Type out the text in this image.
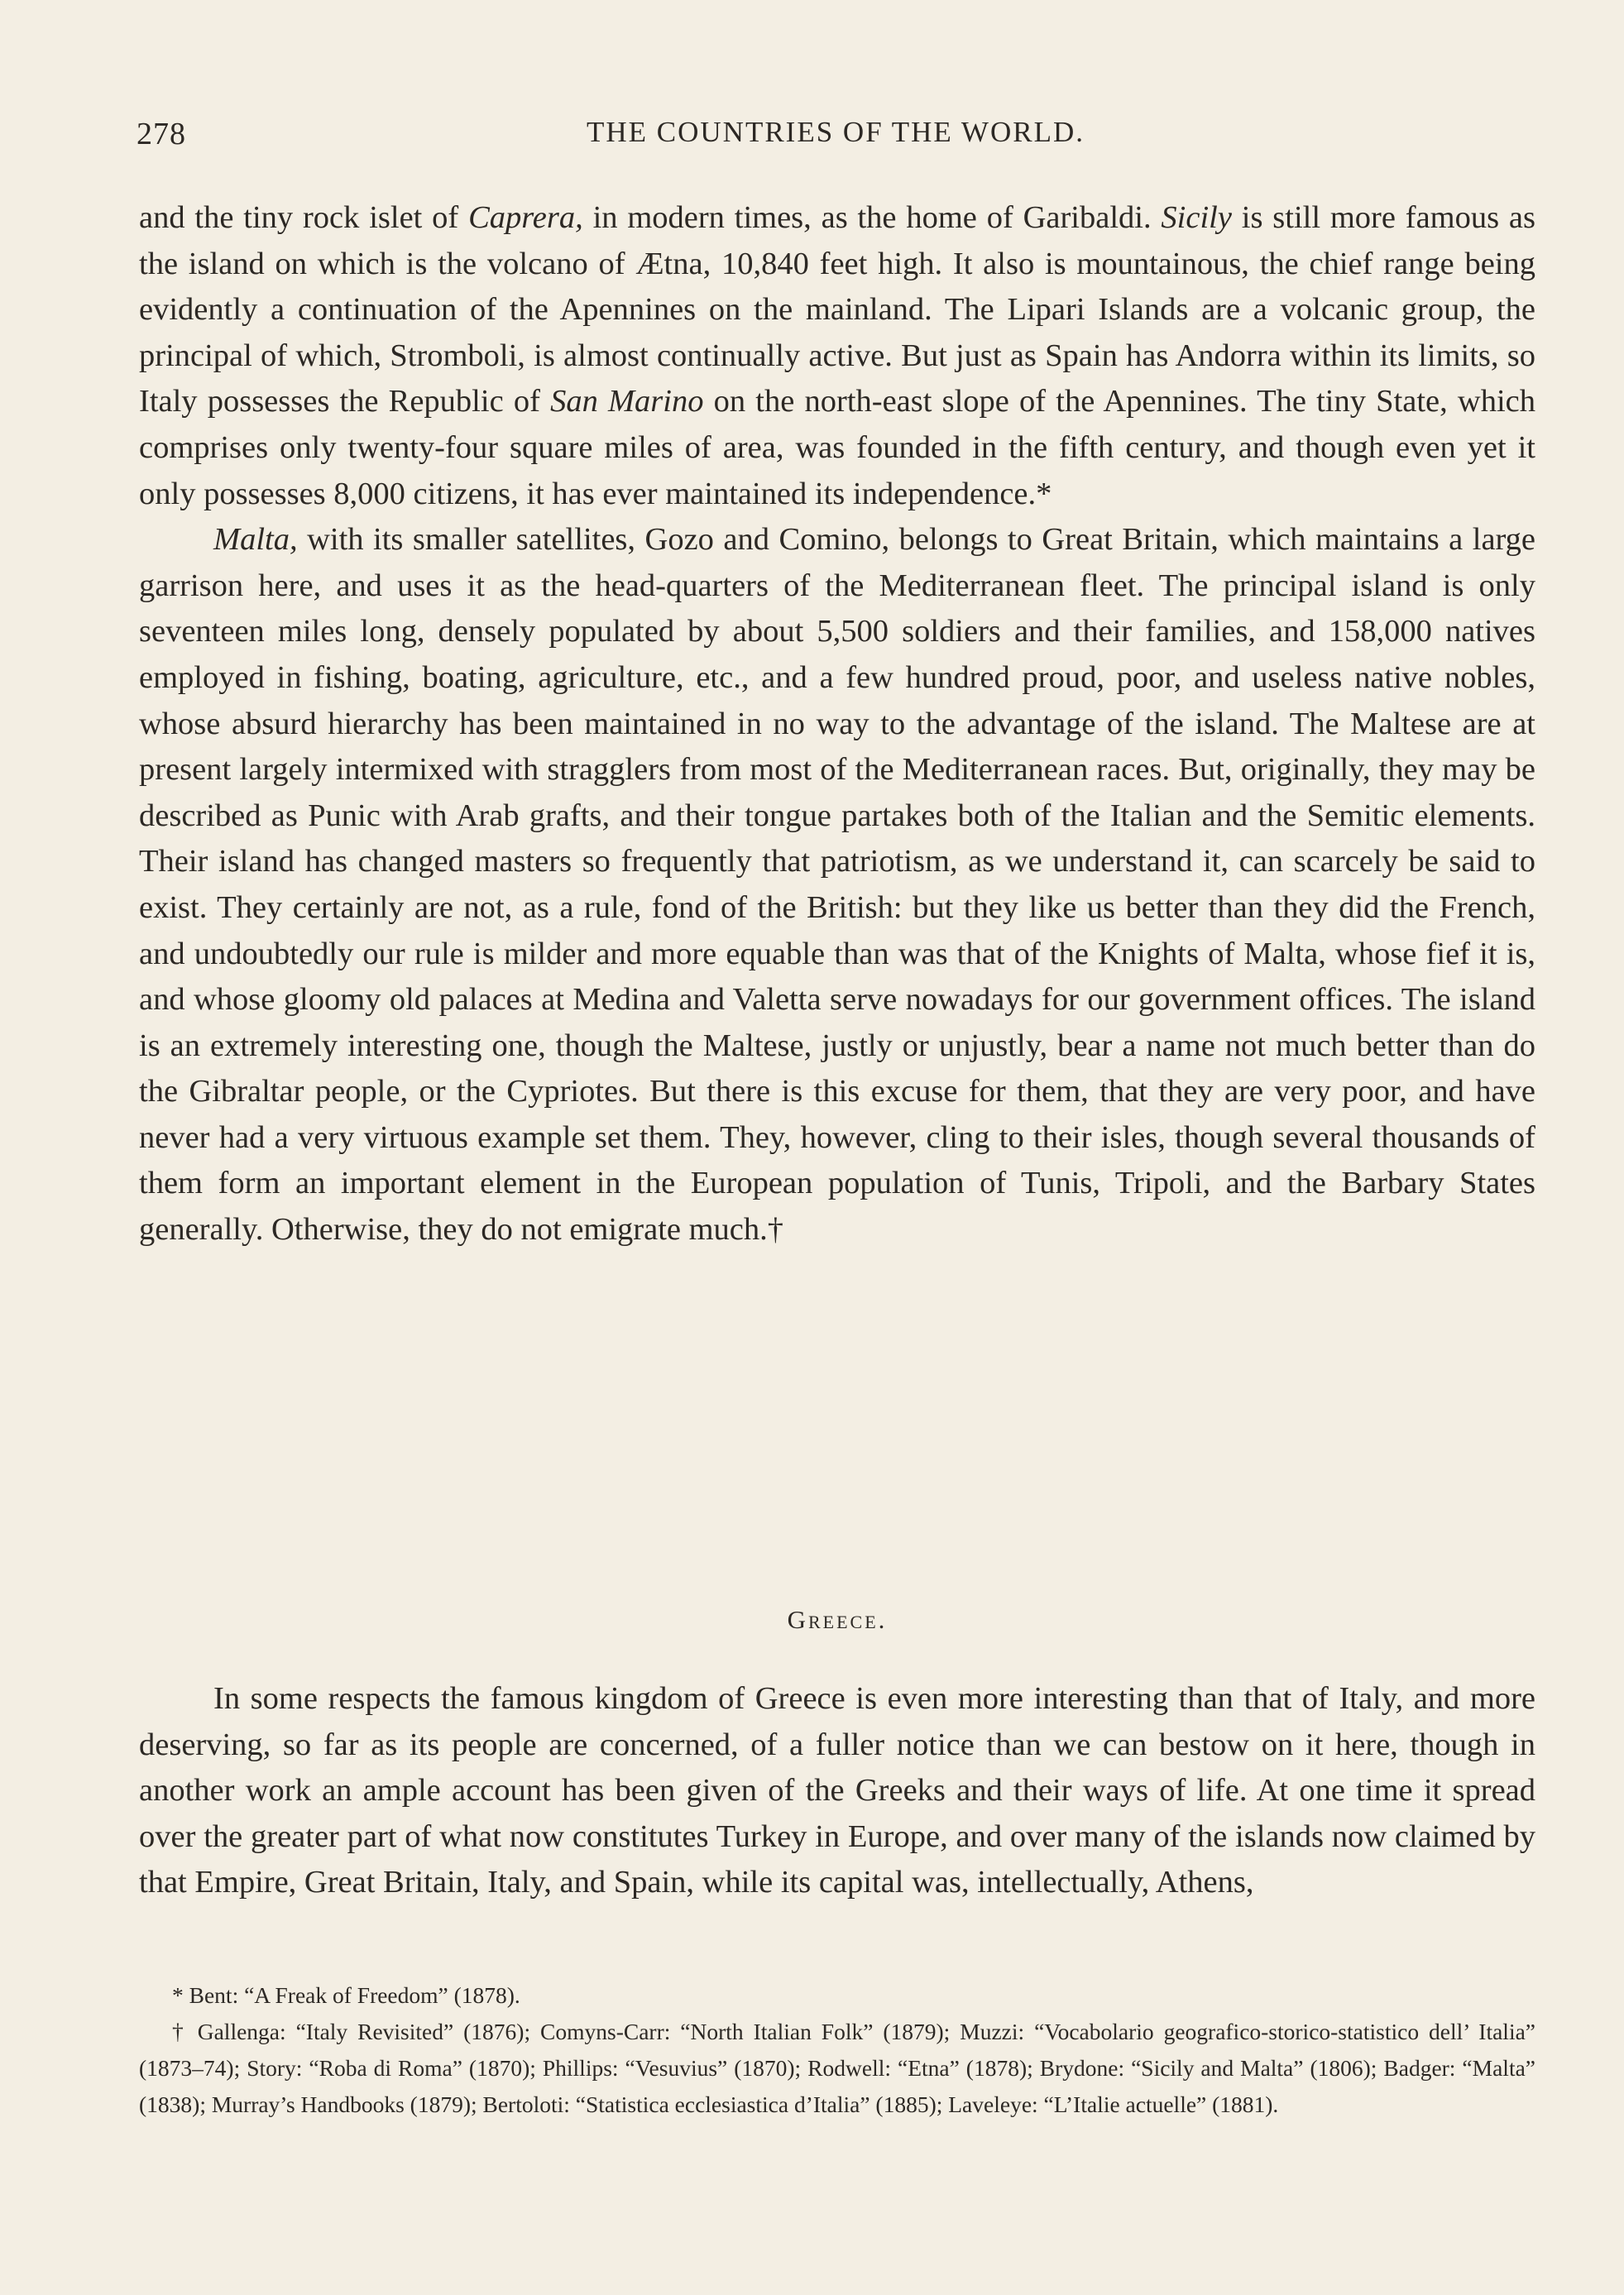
278	THE COUNTRIES OF THE WORLD.

and the tiny rock islet of Caprera, in modern times, as the home of Garibaldi. Sicily is still more famous as the island on which is the volcano of Ætna, 10,840 feet high. It also is mountainous, the chief range being evidently a continuation of the Apennines on the mainland. The Lipari Islands are a volcanic group, the principal of which, Stromboli, is almost continually active. But just as Spain has Andorra within its limits, so Italy possesses the Republic of San Marino on the north-east slope of the Apennines. The tiny State, which comprises only twenty-four square miles of area, was founded in the fifth century, and though even yet it only possesses 8,000 citizens, it has ever maintained its independence.*

Malta, with its smaller satellites, Gozo and Comino, belongs to Great Britain, which maintains a large garrison here, and uses it as the head-quarters of the Mediterranean fleet. The principal island is only seventeen miles long, densely populated by about 5,500 soldiers and their families, and 158,000 natives employed in fishing, boating, agriculture, etc., and a few hundred proud, poor, and useless native nobles, whose absurd hierarchy has been maintained in no way to the advantage of the island. The Maltese are at present largely intermixed with stragglers from most of the Mediterranean races. But, originally, they may be described as Punic with Arab grafts, and their tongue partakes both of the Italian and the Semitic elements. Their island has changed masters so frequently that patriotism, as we understand it, can scarcely be said to exist. They certainly are not, as a rule, fond of the British: but they like us better than they did the French, and undoubtedly our rule is milder and more equable than was that of the Knights of Malta, whose fief it is, and whose gloomy old palaces at Medina and Valetta serve nowadays for our government offices. The island is an extremely interesting one, though the Maltese, justly or unjustly, bear a name not much better than do the Gibraltar people, or the Cypriotes. But there is this excuse for them, that they are very poor, and have never had a very virtuous example set them. They, however, cling to their isles, though several thousands of them form an important element in the European population of Tunis, Tripoli, and the Barbary States generally. Otherwise, they do not emigrate much.†

Greece.

In some respects the famous kingdom of Greece is even more interesting than that of Italy, and more deserving, so far as its people are concerned, of a fuller notice than we can bestow on it here, though in another work an ample account has been given of the Greeks and their ways of life. At one time it spread over the greater part of what now constitutes Turkey in Europe, and over many of the islands now claimed by that Empire, Great Britain, Italy, and Spain, while its capital was, intellectually, Athens,

* Bent: “A Freak of Freedom” (1878).

† Gallenga: “Italy Revisited” (1876); Comyns-Carr: “North Italian Folk” (1879); Muzzi: “Vocabolario geografico-storico-statistico dell’ Italia” (1873–74); Story: “Roba di Roma” (1870); Phillips: “Vesuvius” (1870); Rodwell: “Etna” (1878); Brydone: “Sicily and Malta” (1806); Badger: “Malta” (1838); Murray’s Handbooks (1879); Bertoloti: “Statistica ecclesiastica d’Italia” (1885); Laveleye: “L’Italie actuelle” (1881).
